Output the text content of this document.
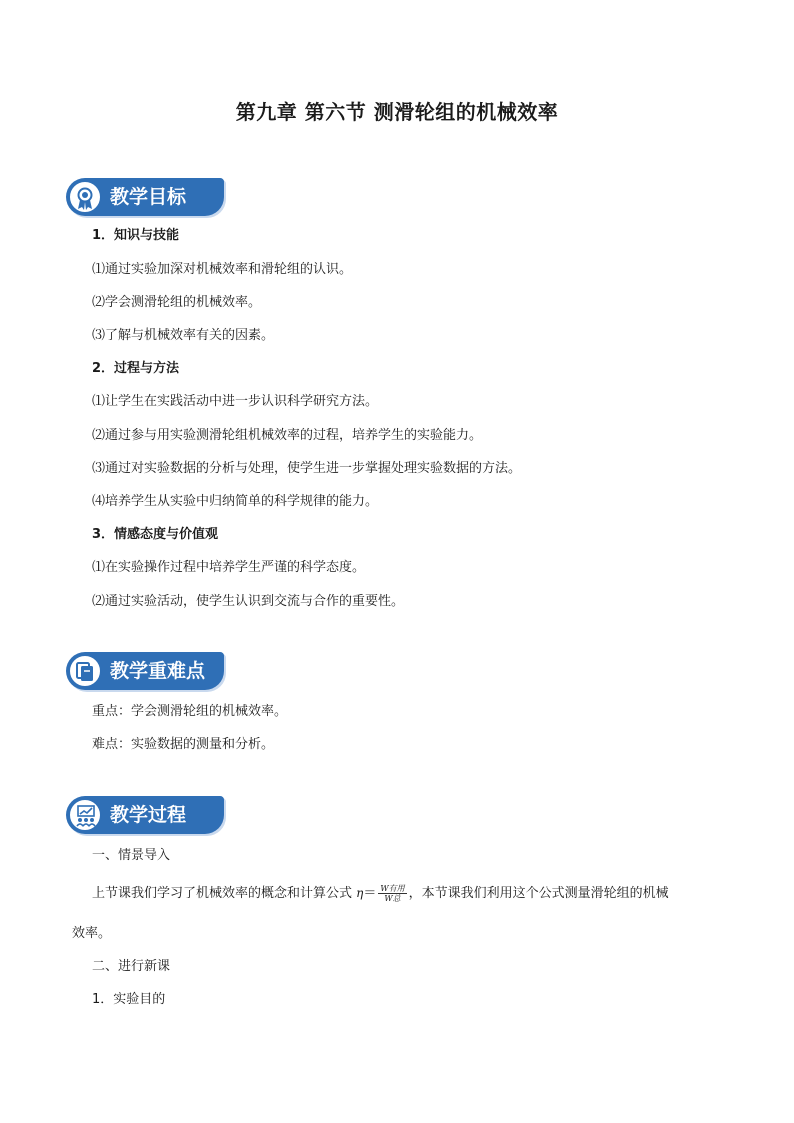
第九章 第六节 测滑轮组的机械效率
教学目标
1．知识与技能
⑴通过实验加深对机械效率和滑轮组的认识。
⑵学会测滑轮组的机械效率。
⑶了解与机械效率有关的因素。
2．过程与方法
⑴让学生在实践活动中进一步认识科学研究方法。
⑵通过参与用实验测滑轮组机械效率的过程，培养学生的实验能力。
⑶通过对实验数据的分析与处理，使学生进一步掌握处理实验数据的方法。
⑷培养学生从实验中归纳简单的科学规律的能力。
3．情感态度与价值观
⑴在实验操作过程中培养学生严谨的科学态度。
⑵通过实验活动，使学生认识到交流与合作的重要性。
教学重难点
重点：学会测滑轮组的机械效率。
难点：实验数据的测量和分析。
教学过程
一、情景导入
上节课我们学习了机械效率的概念和计算公式 $\eta= \frac{\text{W有用}}{\text{W总}}$ ，本节课我们利用这个公式测量滑轮组的机械
效率。
二、进行新课
1．实验目的
